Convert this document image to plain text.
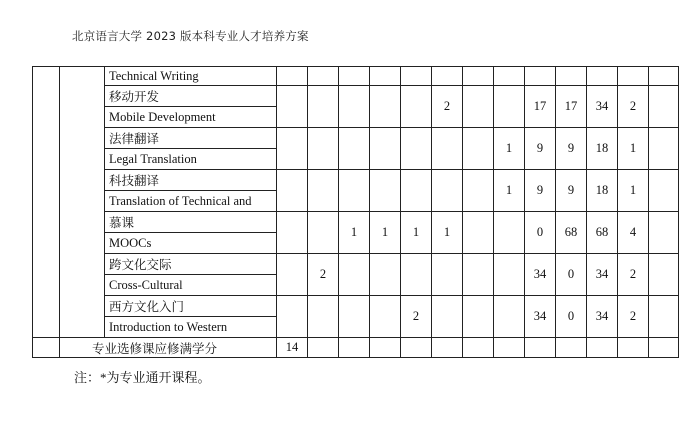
北京语言大学 2023 版本科专业人才培养方案
		Technical Writing													
		移动开发						2			17	17	34	2	
		Mobile Development													
		法律翻译								1	9	9	18	1	
		Legal Translation													
		科技翻译								1	9	9	18	1	
		Translation of Technical and													
		慕课			1	1	1	1			0	68	68	4	
		MOOCs													
		跨文化交际		2							34	0	34	2	
		Cross-Cultural													
		西方文化入门					2				34	0	34	2	
		Introduction to Western													
	专业选修课应修满学分		14												
注：*为专业通开课程。
